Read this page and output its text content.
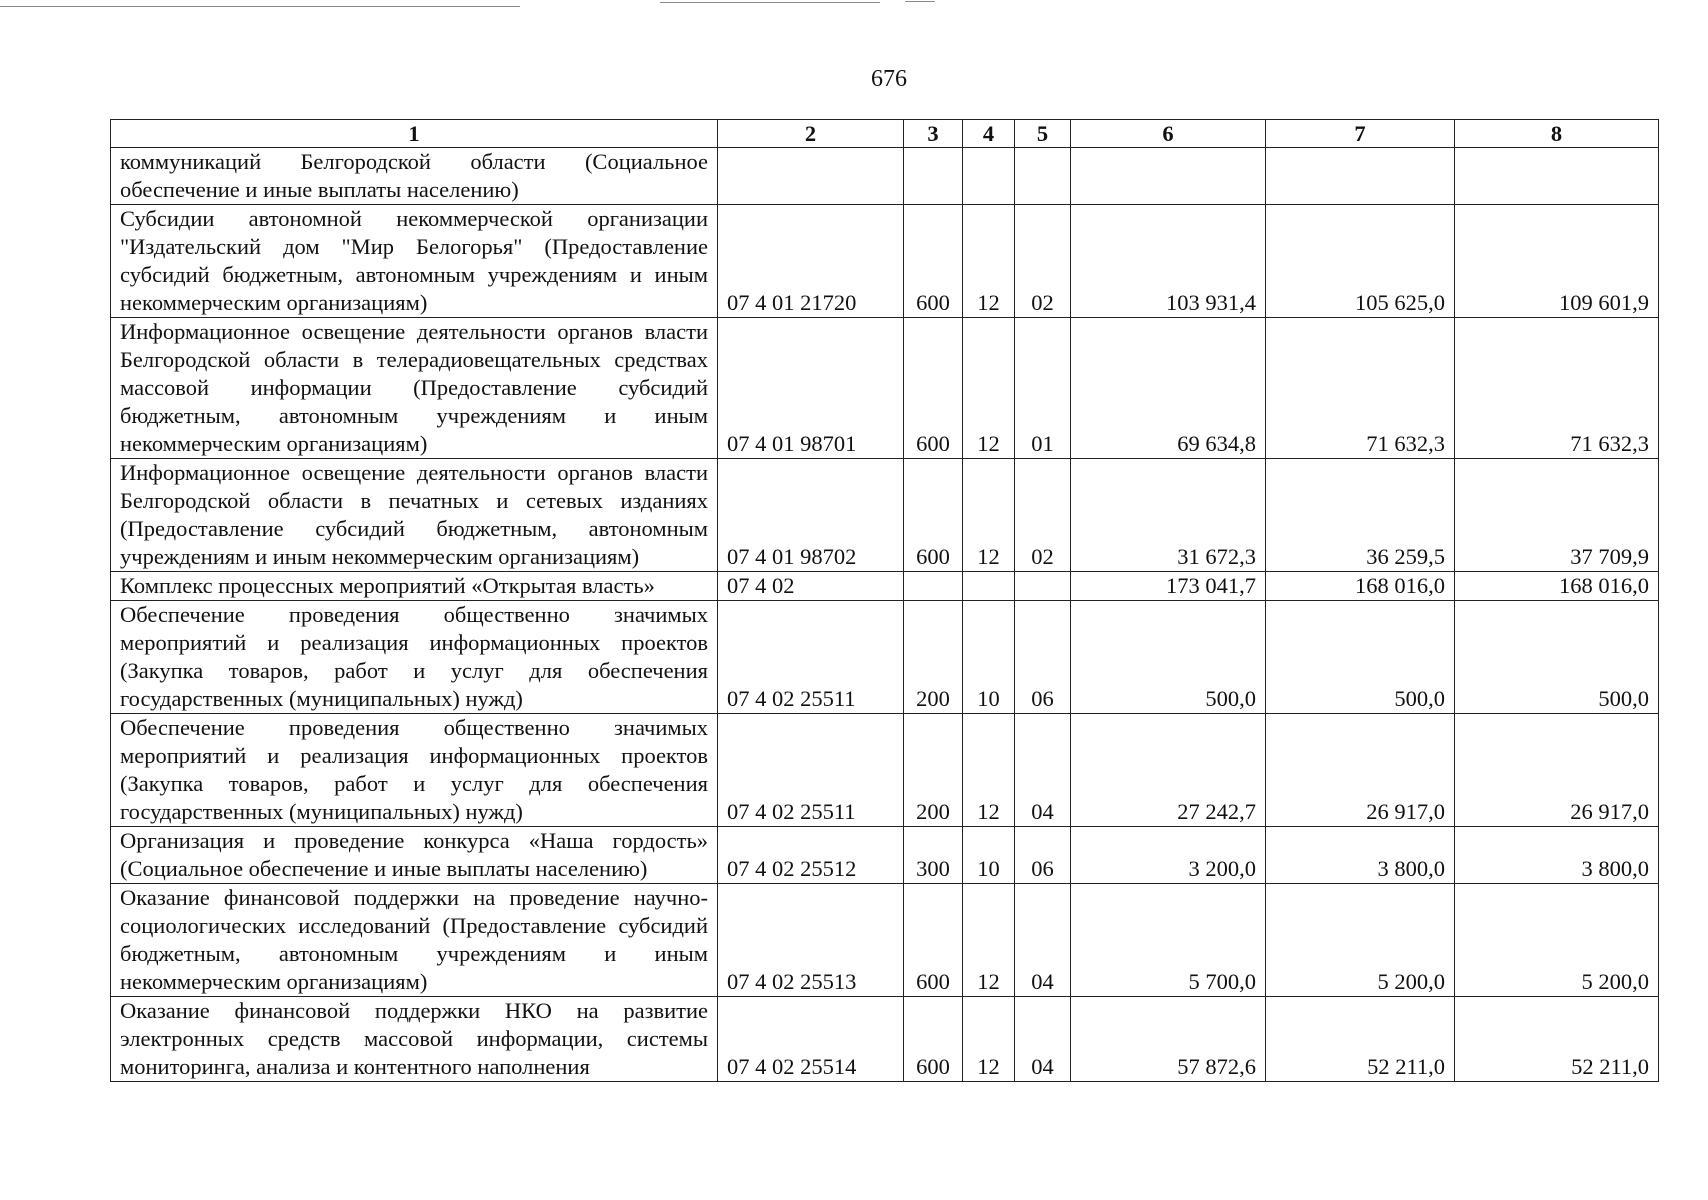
676
1	2	3	4	5	6	7	8
коммуникаций Белгородской области (Социальное обеспечение и иные выплаты населению)							
Субсидии автономной некоммерческой организации "Издательский дом "Мир Белогорья" (Предоставление субсидий бюджетным, автономным учреждениям и иным некоммерческим организациям)	07 4 01 21720	600	12	02	103 931,4	105 625,0	109 601,9
Информационное освещение деятельности органов власти Белгородской области в телерадиовещательных средствах массовой информации (Предоставление субсидий бюджетным, автономным учреждениям и иным некоммерческим организациям)	07 4 01 98701	600	12	01	69 634,8	71 632,3	71 632,3
Информационное освещение деятельности органов власти Белгородской области в печатных и сетевых изданиях (Предоставление субсидий бюджетным, автономным учреждениям и иным некоммерческим организациям)	07 4 01 98702	600	12	02	31 672,3	36 259,5	37 709,9
Комплекс процессных мероприятий «Открытая власть»	07 4 02				173 041,7	168 016,0	168 016,0
Обеспечение проведения общественно значимых мероприятий и реализация информационных проектов (Закупка товаров, работ и услуг для обеспечения государственных (муниципальных) нужд)	07 4 02 25511	200	10	06	500,0	500,0	500,0
Обеспечение проведения общественно значимых мероприятий и реализация информационных проектов (Закупка товаров, работ и услуг для обеспечения государственных (муниципальных) нужд)	07 4 02 25511	200	12	04	27 242,7	26 917,0	26 917,0
Организация и проведение конкурса «Наша гордость» (Социальное обеспечение и иные выплаты населению)	07 4 02 25512	300	10	06	3 200,0	3 800,0	3 800,0
Оказание финансовой поддержки на проведение научно-социологических исследований (Предоставление субсидий бюджетным, автономным учреждениям и иным некоммерческим организациям)	07 4 02 25513	600	12	04	5 700,0	5 200,0	5 200,0
Оказание финансовой поддержки НКО на развитие электронных средств массовой информации, системы мониторинга, анализа и контентного наполнения	07 4 02 25514	600	12	04	57 872,6	52 211,0	52 211,0
